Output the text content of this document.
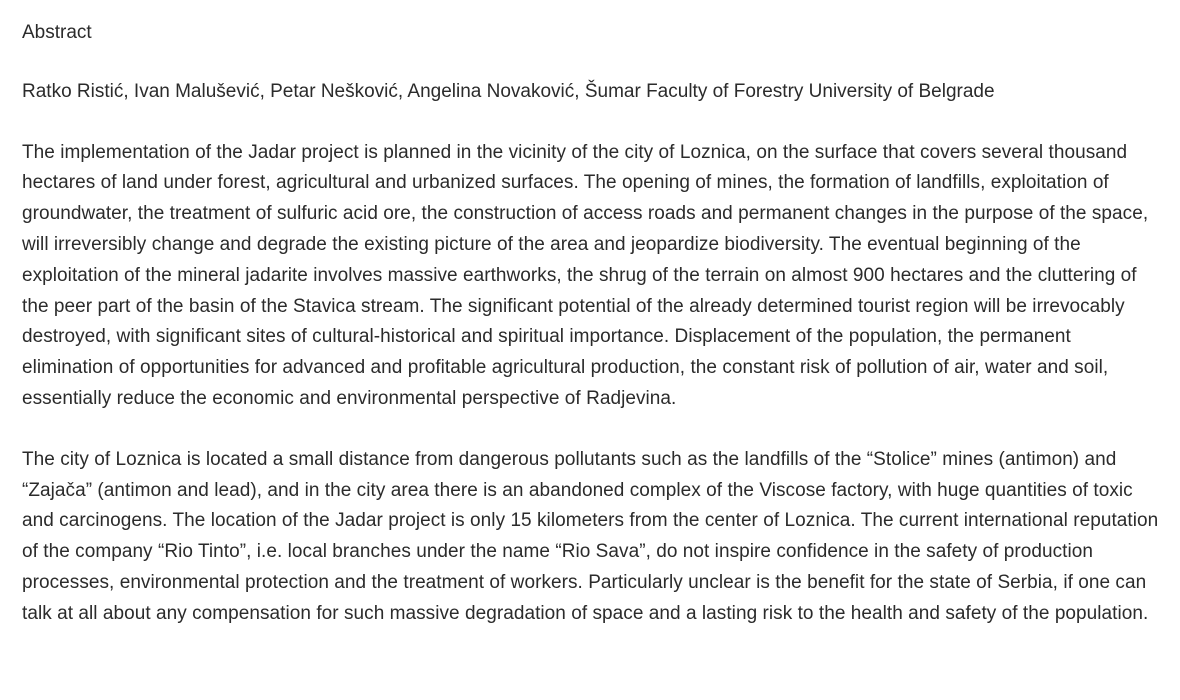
Abstract

Ratko Ristić, Ivan Malušević, Petar Nešković, Angelina Novaković, Šumar Faculty of Forestry University of Belgrade

The implementation of the Jadar project is planned in the vicinity of the city of Loznica, on the surface that covers several thousand hectares of land under forest, agricultural and urbanized surfaces. The opening of mines, the formation of landfills, exploitation of groundwater, the treatment of sulfuric acid ore, the construction of access roads and permanent changes in the purpose of the space, will irreversibly change and degrade the existing picture of the area and jeopardize biodiversity. The eventual beginning of the exploitation of the mineral jadarite involves massive earthworks, the shrug of the terrain on almost 900 hectares and the cluttering of the peer part of the basin of the Stavica stream. The significant potential of the already determined tourist region will be irrevocably destroyed, with significant sites of cultural-historical and spiritual importance. Displacement of the population, the permanent elimination of opportunities for advanced and profitable agricultural production, the constant risk of pollution of air, water and soil, essentially reduce the economic and environmental perspective of Radjevina.

The city of Loznica is located a small distance from dangerous pollutants such as the landfills of the “Stolice” mines (antimon) and “Zajača” (antimon and lead), and in the city area there is an abandoned complex of the Viscose factory, with huge quantities of toxic and carcinogens. The location of the Jadar project is only 15 kilometers from the center of Loznica. The current international reputation of the company “Rio Tinto”, i.e. local branches under the name “Rio Sava”, do not inspire confidence in the safety of production processes, environmental protection and the treatment of workers. Particularly unclear is the benefit for the state of Serbia, if one can talk at all about any compensation for such massive degradation of space and a lasting risk to the health and safety of the population.
